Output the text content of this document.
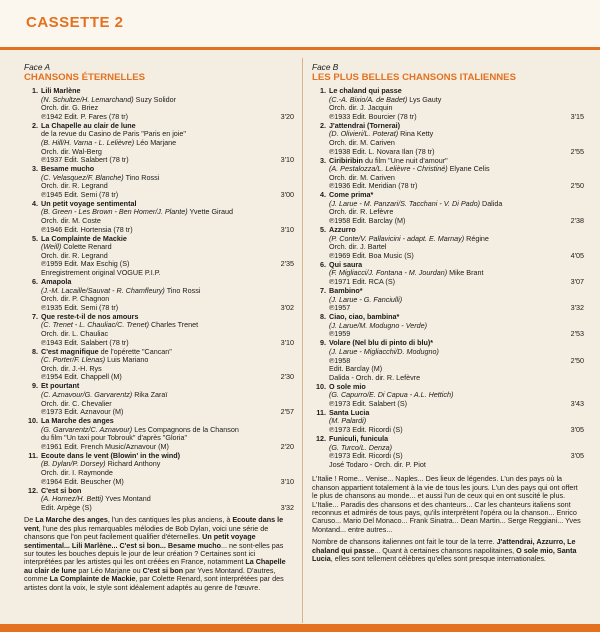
CASSETTE 2
Face A
CHANSONS ÉTERNELLES
1. Lili Marlène
(N. Schultze/H. Lemarchand) Suzy Solidor
Orch. dir. G. Briez
℗1942 Edit. P. Fares (78 tr)	3'20
2. La Chapelle au clair de lune
de la revue du Casino de Paris "Paris en joie"
(B. Hill/H. Varna - L. Lelièvre) Léo Marjane
Orch. dir. Wal-Berg
℗1937 Edit. Salabert (78 tr)	3'10
3. Besame mucho
(C. Velasquez/F. Blanche) Tino Rossi
Orch. dir. R. Legrand
℗1945 Edit. Semi (78 tr)	3'00
4. Un petit voyage sentimental
(B. Green - Les Brown - Ben Homer/J. Plante) Yvette Giraud
Orch. dir. M. Coste
℗1946 Edit. Hortensia (78 tr)	3'10
5. La Complainte de Mackie
(Weill) Colette Renard
Orch. dir. R. Legrand
℗1959 Edit. Max Eschig (S)	2'35
Enregistrement original VOGUE P.I.P.
6. Amapola
(J.-M. Lacaille/Sauvat - R. Chamfleury) Tino Rossi
Orch. dir. P. Chagnon
℗1935 Edit. Semi (78 tr)	3'02
7. Que reste-t-il de nos amours
(C. Trenet - L. Chauliac/C. Trenet) Charles Trenet
Orch. dir. L. Chauliac
℗1943 Edit. Salabert (78 tr)	3'10
8. C'est magnifique de l'opérette "Cancan"
(C. Porter/F. Llenas) Luis Mariano
Orch. dir. J.-H. Rys
℗1954 Edit. Chappell (M)	2'30
9. Et pourtant
(C. Aznavour/G. Garvarentz) Rika Zaraï
Orch. dir. C. Chevalier
℗1973 Edit. Aznavour (M)	2'57
10. La Marche des anges
(G. Garvarentz/C. Aznavour) Les Compagnons de la Chanson
du film "Un taxi pour Tobrouk" d'après "Gloria"
℗1961 Edit. French Music/Aznavour (M)	2'20
11. Ecoute dans le vent (Blowin' in the wind)
(B. Dylan/P. Dorsey) Richard Anthony
Orch. dir. I. Raymonde
℗1964 Edit. Beuscher (M)	3'10
12. C'est si bon
(A. Hornez/H. Betti) Yves Montand
Edit. Arpège (S)	3'32
De La Marche des anges, l'un des cantiques les plus anciens, à Ecoute dans le vent, l'une des plus remarquables mélodies de Bob Dylan, voici une série de chansons que l'on peut facilement qualifier d'éternelles. Un petit voyage sentimental... Lili Marlène... C'est si bon... Besame mucho... ne sont-elles pas sur toutes les bouches depuis le jour de leur création ? Certaines sont ici interprétées par les artistes qui les ont créées en France, notamment La Chapelle au clair de lune par Léo Marjane ou C'est si bon par Yves Montand. D'autres, comme La Complainte de Mackie, par Colette Renard, sont interprétées par des artistes dont la voix, le style sont idéalement adaptés au genre de l'œuvre.
Face B
LES PLUS BELLES CHANSONS ITALIENNES
1. Le chaland qui passe
(C.-A. Bixio/A. de Badet) Lys Gauty
Orch. dir. J. Jacquin
℗1933 Edit. Bourcier (78 tr)	3'15
2. J'attendrai (Tornerai)
(D. Olivieri/L. Poterat) Rina Ketty
Orch. dir. M. Cariven
℗1938 Edit. L. Novara Ilan (78 tr)	2'55
3. Ciribiribin du film "Une nuit d'amour"
(A. Pestalozza/L. Lelièvre - Christiné) Elyane Celis
Orch. dir. M. Cariven
℗1936 Edit. Meridian (78 tr)	2'50
4. Come prima*
(J. Larue - M. Panzari/S. Tacchani - V. Di Pado) Dalida
Orch. dir. R. Lefèvre
℗1958 Edit. Barclay (M)	2'38
5. Azzurro
(P. Conte/V. Pallavicini - adapt. E. Marnay) Régine
Orch. dir. J. Bartel
℗1969 Edit. Boa Music (S)	4'05
6. Qui saura
(F. Migliacci/J. Fontana - M. Jourdan) Mike Brant
℗1971 Edit. RCA (S)	3'07
7. Bambino*
(J. Larue - G. Fanciulli)
℗1957	3'32
8. Ciao, ciao, bambina*
(J. Larue/M. Modugno - Verde)
℗1959	2'53
9. Volare (Nel blu di pinto di blu)*
(J. Larue - Migliacchi/D. Modugno)
℗1958	2'50
Edit. Barclay (M)
Dalida - Orch. dir. R. Lefèvre
10. O sole mio
(G. Capurro/E. Di Capua - A.L. Hettich)
℗1973 Edit. Salabert (S)	3'43
11. Santa Lucia
(M. Palardi)
℗1973 Edit. Ricordi (S)	3'05
12. Funiculi, funicula
(G. Turco/L. Denza)
℗1973 Edit. Ricordi (S)	3'05
José Todaro - Orch. dir. P. Piot
L'Italie ! Rome... Venise... Naples... Des lieux de légendes. L'un des pays où la chanson appartient totalement à la vie de tous les jours. L'un des pays qui ont offert le plus de chansons au monde... et aussi l'un de ceux qui en ont suscité le plus. L'Italie... Paradis des chansons et des chanteurs... Car les chanteurs italiens sont reconnus et admirés de tous pays, qu'ils interprètent l'opéra ou la chanson... Enrico Caruso... Mario Del Monaco... Frank Sinatra... Dean Martin... Serge Reggiani... Yves Montand... entre autres...
Nombre de chansons italiennes ont fait le tour de la terre. J'attendrai, Azzurro, Le chaland qui passe... Quant à certaines chansons napolitaines, O sole mio, Santa Lucia, elles sont tellement célèbres qu'elles sont presque internationales.
